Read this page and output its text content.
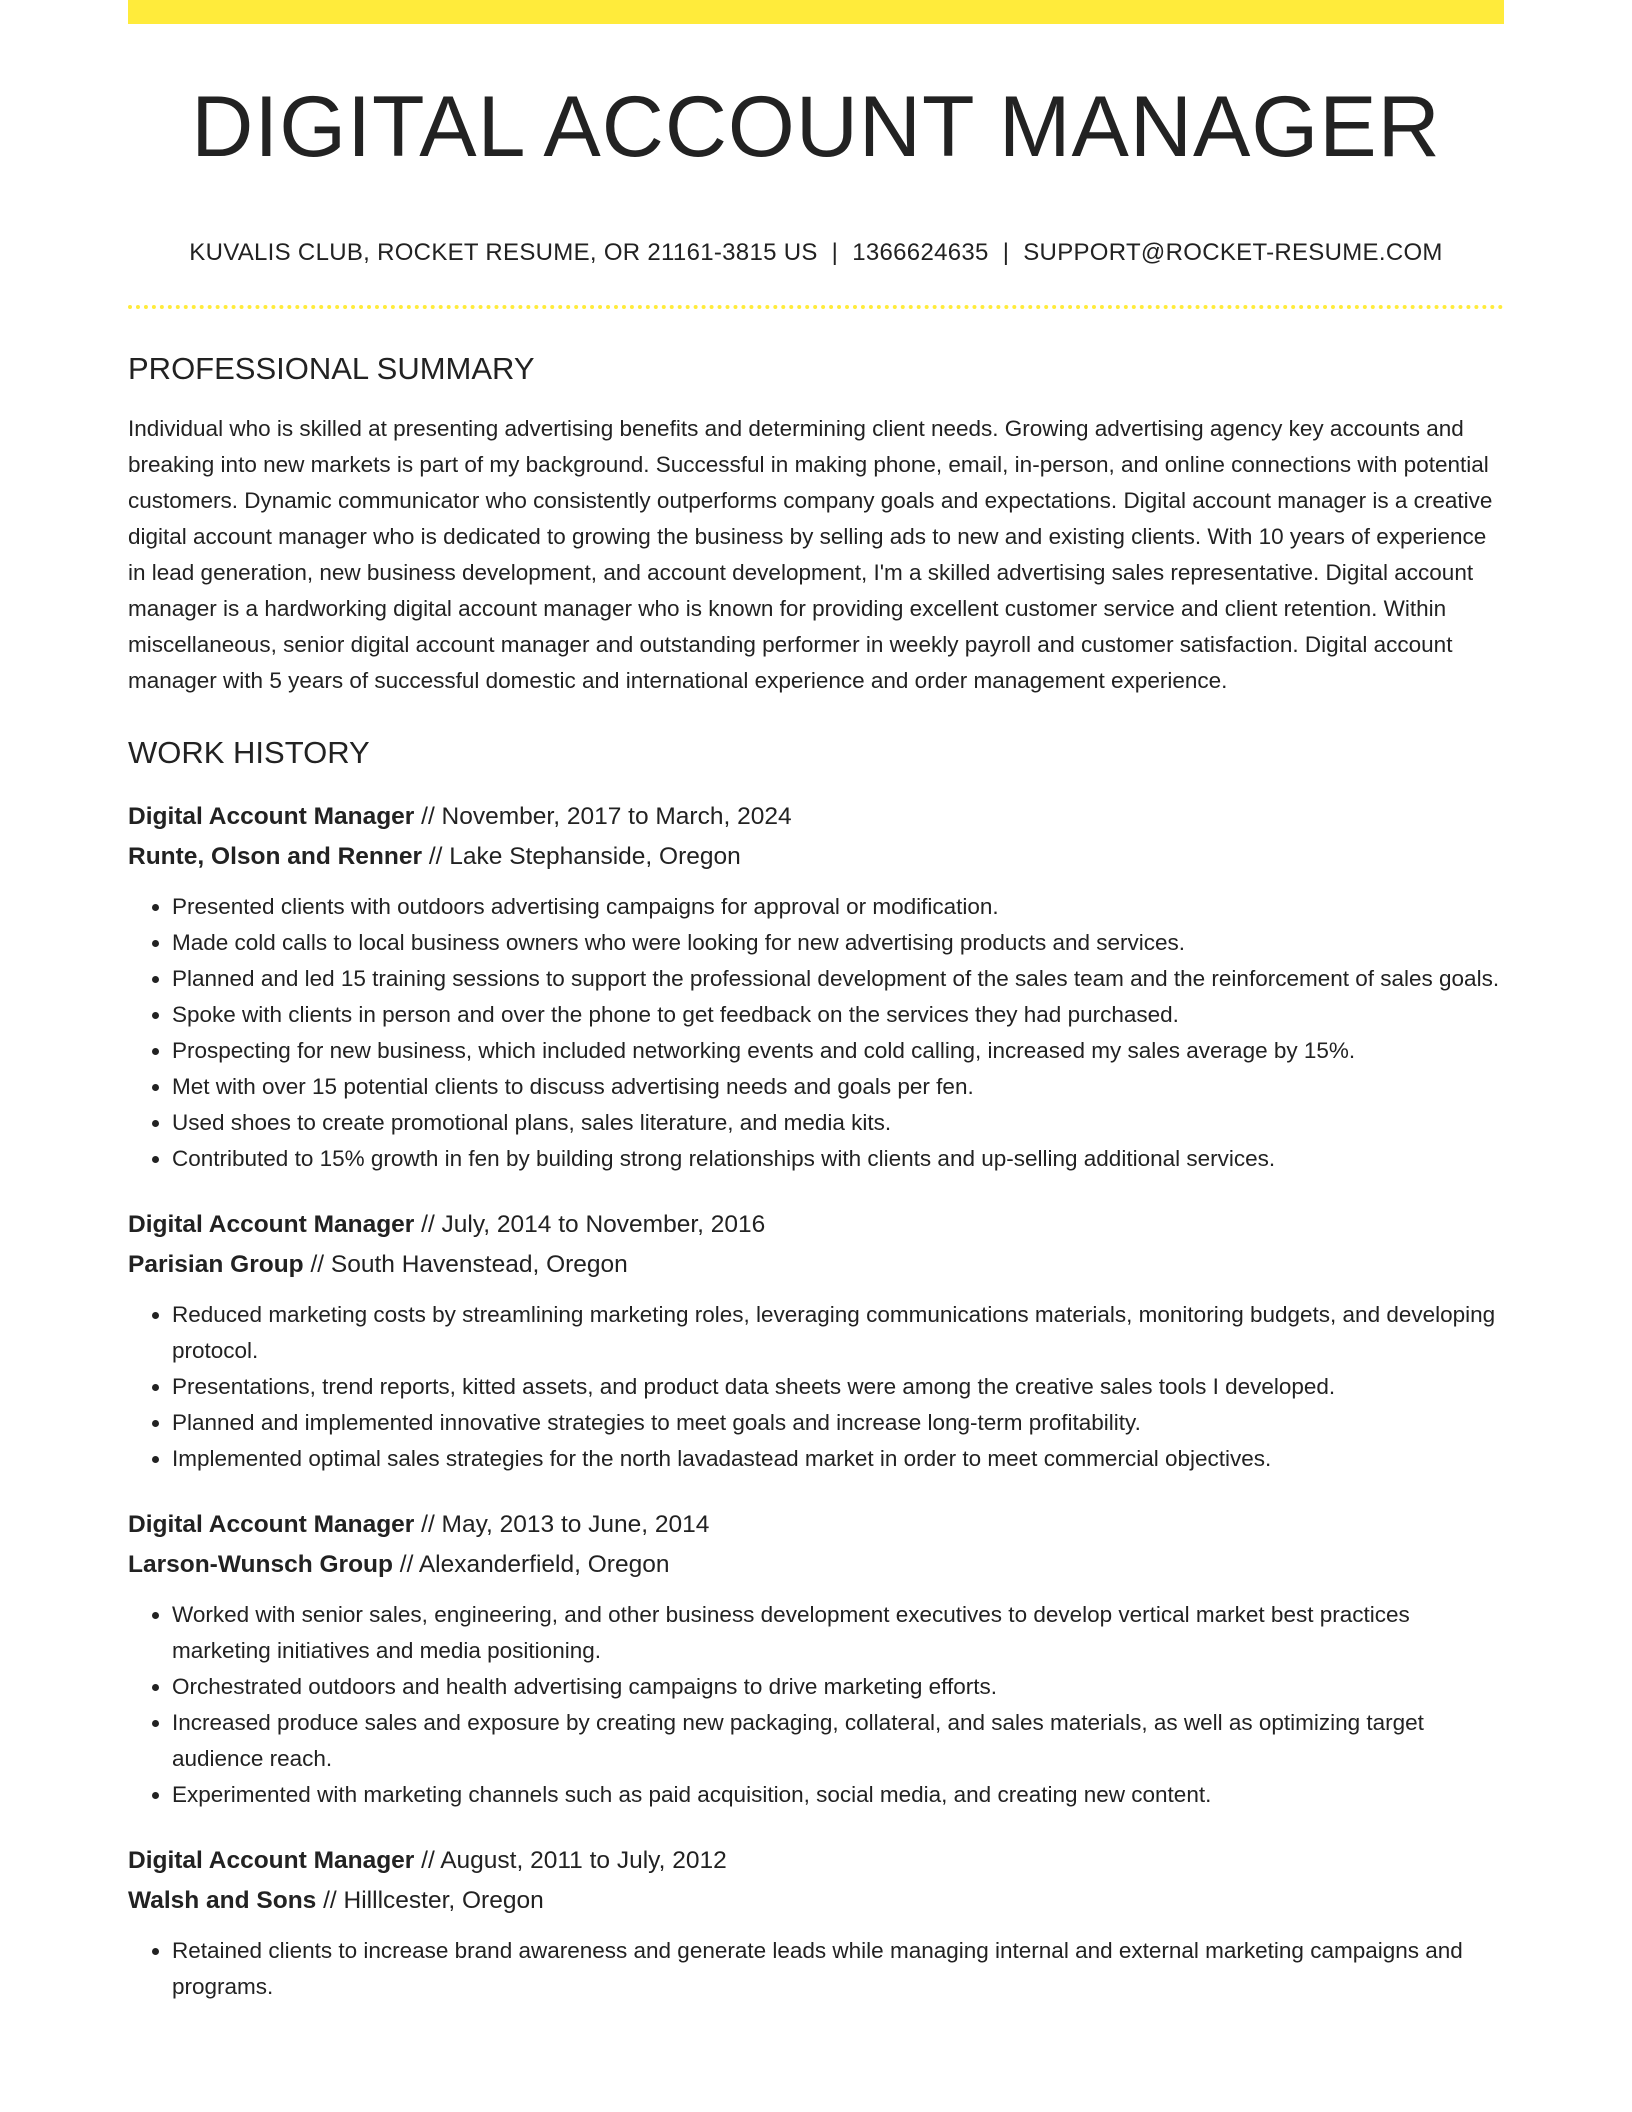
DIGITAL ACCOUNT MANAGER
KUVALIS CLUB, ROCKET RESUME, OR 21161-3815 US | 1366624635 | SUPPORT@ROCKET-RESUME.COM
PROFESSIONAL SUMMARY

Individual who is skilled at presenting advertising benefits and determining client needs. Growing advertising agency key accounts and breaking into new markets is part of my background. Successful in making phone, email, in-person, and online connections with potential customers. Dynamic communicator who consistently outperforms company goals and expectations. Digital account manager is a creative digital account manager who is dedicated to growing the business by selling ads to new and existing clients. With 10 years of experience in lead generation, new business development, and account development, I'm a skilled advertising sales representative. Digital account manager is a hardworking digital account manager who is known for providing excellent customer service and client retention. Within miscellaneous, senior digital account manager and outstanding performer in weekly payroll and customer satisfaction. Digital account manager with 5 years of successful domestic and international experience and order management experience.

WORK HISTORY
Digital Account Manager // November, 2017 to March, 2024
Runte, Olson and Renner // Lake Stephanside, Oregon
• Presented clients with outdoors advertising campaigns for approval or modification.
• Made cold calls to local business owners who were looking for new advertising products and services.
• Planned and led 15 training sessions to support the professional development of the sales team and the reinforcement of sales goals.
• Spoke with clients in person and over the phone to get feedback on the services they had purchased.
• Prospecting for new business, which included networking events and cold calling, increased my sales average by 15%.
• Met with over 15 potential clients to discuss advertising needs and goals per fen.
• Used shoes to create promotional plans, sales literature, and media kits.
• Contributed to 15% growth in fen by building strong relationships with clients and up-selling additional services.
Digital Account Manager // July, 2014 to November, 2016
Parisian Group // South Havenstead, Oregon
• Reduced marketing costs by streamlining marketing roles, leveraging communications materials, monitoring budgets, and developing protocol.
• Presentations, trend reports, kitted assets, and product data sheets were among the creative sales tools I developed.
• Planned and implemented innovative strategies to meet goals and increase long-term profitability.
• Implemented optimal sales strategies for the north lavadastead market in order to meet commercial objectives.
Digital Account Manager // May, 2013 to June, 2014
Larson-Wunsch Group // Alexanderfield, Oregon
• Worked with senior sales, engineering, and other business development executives to develop vertical market best practices marketing initiatives and media positioning.
• Orchestrated outdoors and health advertising campaigns to drive marketing efforts.
• Increased produce sales and exposure by creating new packaging, collateral, and sales materials, as well as optimizing target audience reach.
• Experimented with marketing channels such as paid acquisition, social media, and creating new content.
Digital Account Manager // August, 2011 to July, 2012
Walsh and Sons // Hilllcester, Oregon
• Retained clients to increase brand awareness and generate leads while managing internal and external marketing campaigns and programs.
